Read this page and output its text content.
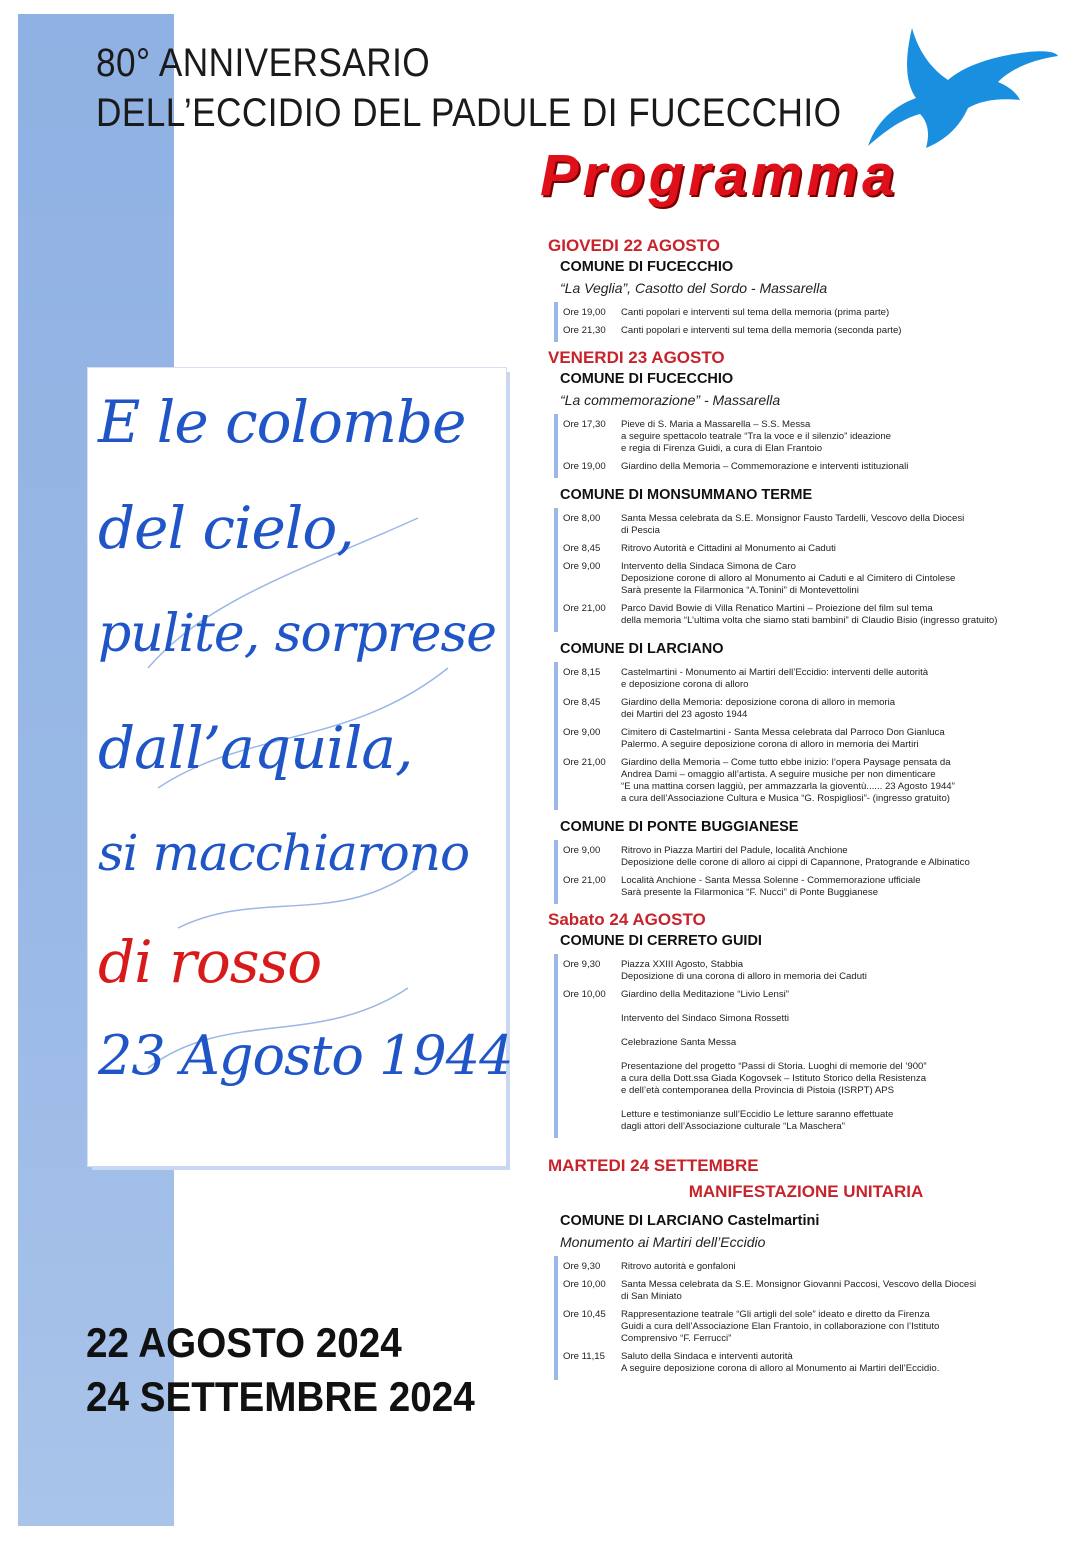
80° ANNIVERSARIO
DELL’ECCIDIO DEL PADULE DI FUCECCHIO
Programma
E le colombe
del cielo,
pulite, sorprese
dall’aquila,
si macchiarono
di rosso
23 Agosto 1944
22 AGOSTO 2024
24 SETTEMBRE 2024
GIOVEDI 22 AGOSTO
COMUNE DI FUCECCHIO
“La Veglia”, Casotto del Sordo - Massarella
Ore 19,00	Canti popolari e interventi sul tema della memoria (prima parte)
Ore 21,30	Canti popolari e interventi sul tema della memoria (seconda parte)
VENERDI 23 AGOSTO
COMUNE DI FUCECCHIO
“La commemorazione” - Massarella
Ore 17,30	Pieve di S. Maria a Massarella – S.S. Messa
a seguire spettacolo teatrale “Tra la voce e il silenzio” ideazione
e regia di Firenza Guidi, a cura di Elan Frantoio
Ore 19,00	Giardino della Memoria – Commemorazione e interventi istituzionali
COMUNE DI MONSUMMANO TERME
Ore 8,00	Santa Messa celebrata da S.E. Monsignor Fausto Tardelli, Vescovo della Diocesi
di Pescia
Ore 8,45	Ritrovo Autorità e Cittadini al Monumento ai Caduti
Ore 9,00	Intervento della Sindaca Simona de Caro
Deposizione corone di alloro al Monumento ai Caduti e al Cimitero di Cintolese
Sarà presente la Filarmonica “A.Tonini” di Montevettolini
Ore 21,00	Parco David Bowie di Villa Renatico Martini – Proiezione del film sul tema
della memoria “L’ultima volta che siamo stati bambini” di Claudio Bisio (ingresso gratuito)
COMUNE DI LARCIANO
Ore 8,15	Castelmartini - Monumento ai Martiri dell’Eccidio: interventi delle autorità
e deposizione corona di alloro
Ore 8,45	Giardino della Memoria: deposizione corona di alloro in memoria
dei Martiri del 23 agosto 1944
Ore 9,00	Cimitero di Castelmartini - Santa Messa celebrata dal Parroco Don Gianluca
Palermo. A seguire deposizione corona di alloro in memoria dei Martiri
Ore 21,00	Giardino della Memoria – Come tutto ebbe inizio: l’opera Paysage pensata da
Andrea Dami – omaggio all’artista. A seguire musiche per non dimenticare
“E una mattina corsen laggiù, per ammazzarla la gioventù...... 23 Agosto 1944”
a cura dell’Associazione Cultura e Musica “G. Rospigliosi”- (ingresso gratuito)
COMUNE DI PONTE BUGGIANESE
Ore 9,00	Ritrovo in Piazza Martiri del Padule, località Anchione
Deposizione delle corone di alloro ai cippi di Capannone, Pratogrande e Albinatico
Ore 21,00	Località Anchione - Santa Messa Solenne - Commemorazione ufficiale
Sarà presente la Filarmonica “F. Nucci” di Ponte Buggianese
Sabato 24 AGOSTO
COMUNE DI CERRETO GUIDI
Ore 9,30	Piazza XXIII Agosto, Stabbia
Deposizione di una corona di alloro in memoria dei Caduti
Ore 10,00	Giardino della Meditazione “Livio Lensi”

Intervento del Sindaco Simona Rossetti

Celebrazione Santa Messa

Presentazione del progetto “Passi di Storia. Luoghi di memorie del ’900”
a cura della Dott.ssa Giada Kogovsek – Istituto Storico della Resistenza
e dell’età contemporanea della Provincia di Pistoia (ISRPT) APS

Letture e testimonianze sull’Eccidio Le letture saranno effettuate
dagli attori dell’Associazione culturale “La Maschera”
MARTEDI 24 SETTEMBRE
MANIFESTAZIONE UNITARIA
COMUNE DI LARCIANO Castelmartini
Monumento ai Martiri dell’Eccidio
Ore 9,30	Ritrovo autorità e gonfaloni
Ore 10,00	Santa Messa celebrata da S.E. Monsignor Giovanni Paccosi, Vescovo della Diocesi
di San Miniato
Ore 10,45	Rappresentazione teatrale “Gli artigli del sole” ideato e diretto da Firenza
Guidi a cura dell’Associazione Elan Frantoio, in collaborazione con l’Istituto
Comprensivo “F. Ferrucci”
Ore 11,15	Saluto della Sindaca e interventi autorità
A seguire deposizione corona di alloro al Monumento ai Martiri dell’Eccidio.
